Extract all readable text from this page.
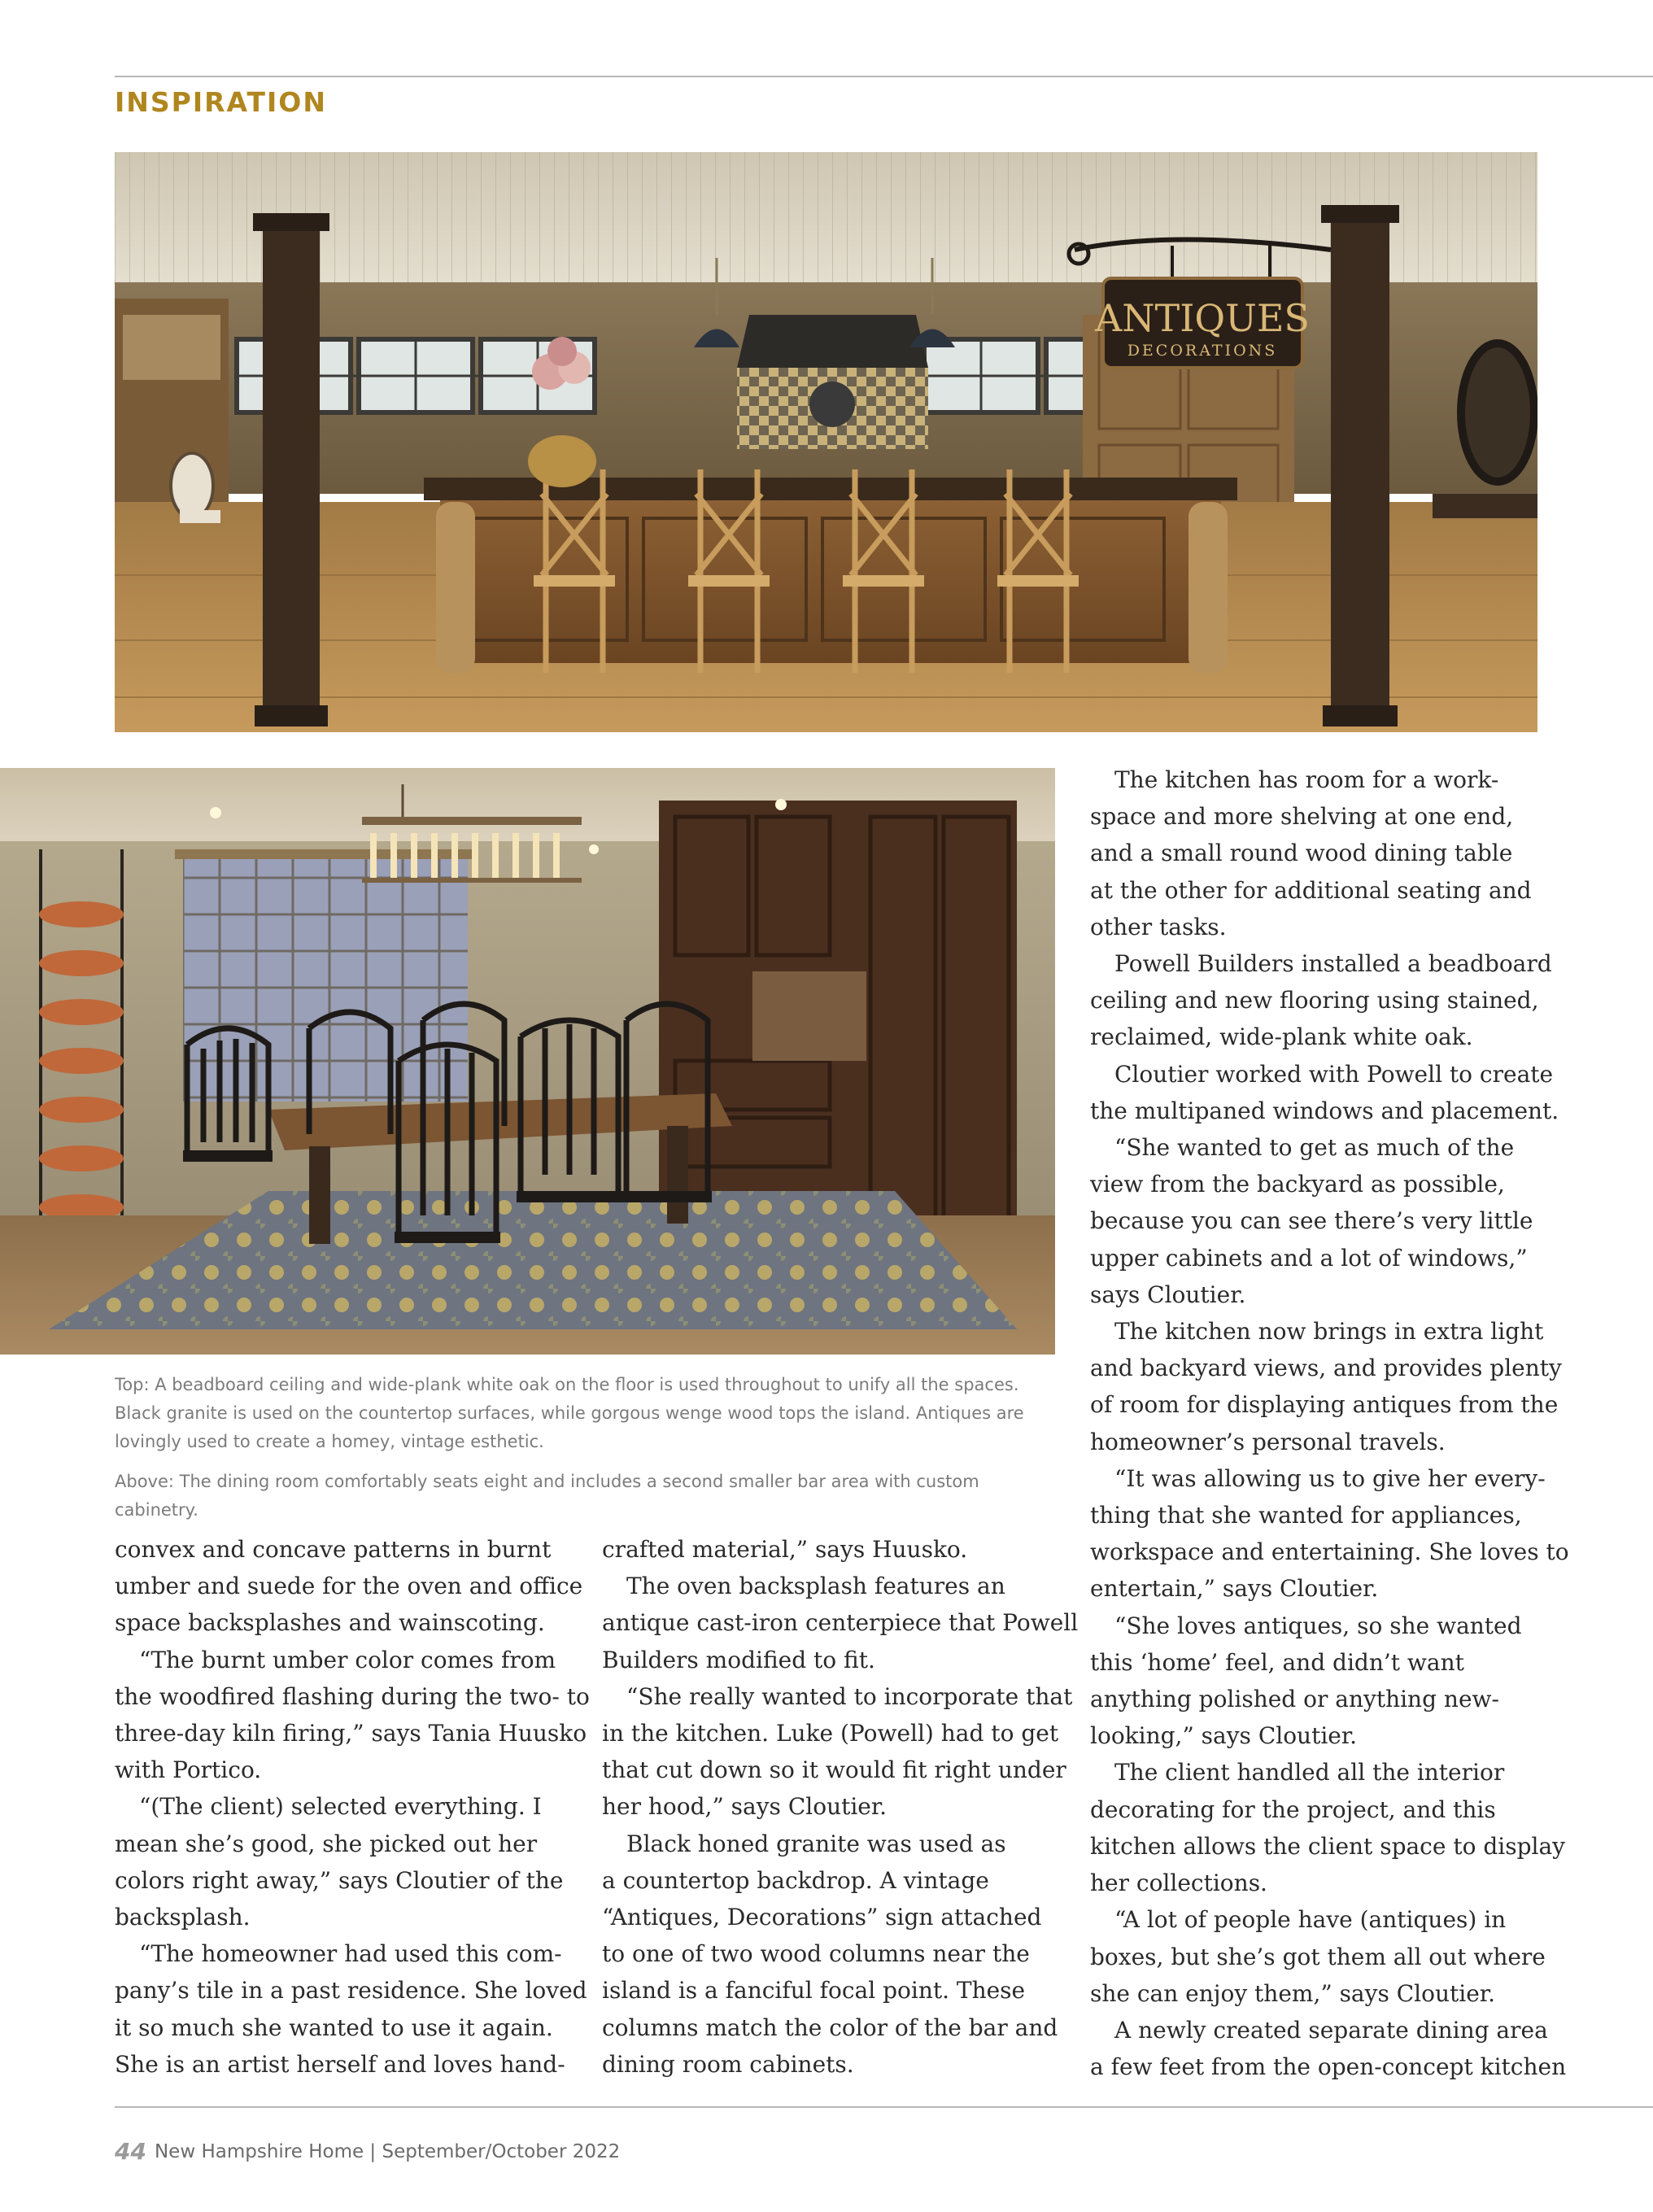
INSPIRATION
ANTIQUES
DECORATIONS
Top: A beadboard ceiling and wide-plank white oak on the floor is used throughout to unify all the spaces.
Black granite is used on the countertop surfaces, while gorgous wenge wood tops the island. Antiques are
lovingly used to create a homey, vintage esthetic.
Above: The dining room comfortably seats eight and includes a second smaller bar area with custom cabinetry.

convex and concave patterns in burnt

umber and suede for the oven and office

space backsplashes and wainscoting.

“The burnt umber color comes from

the woodfired flashing during the two- to

three-day kiln firing,” says Tania Huusko

with Portico.

“(The client) selected everything. I

mean she’s good, she picked out her

colors right away,” says Cloutier of the

backsplash.

“The homeowner had used this com-

pany’s tile in a past residence. She loved

it so much she wanted to use it again.

She is an artist herself and loves hand-

crafted material,” says Huusko.

The oven backsplash features an

antique cast-iron centerpiece that Powell

Builders modified to fit.

“She really wanted to incorporate that

in the kitchen. Luke (Powell) had to get

that cut down so it would fit right under

her hood,” says Cloutier.

Black honed granite was used as

a countertop backdrop. A vintage

“Antiques, Decorations” sign attached

to one of two wood columns near the

island is a fanciful focal point. These

columns match the color of the bar and

dining room cabinets.

The kitchen has room for a work-

space and more shelving at one end,

and a small round wood dining table

at the other for additional seating and

other tasks.

Powell Builders installed a beadboard

ceiling and new flooring using stained,

reclaimed, wide-plank white oak.

Cloutier worked with Powell to create

the multipaned windows and placement.

“She wanted to get as much of the

view from the backyard as possible,

because you can see there’s very little

upper cabinets and a lot of windows,”

says Cloutier.

The kitchen now brings in extra light

and backyard views, and provides plenty

of room for displaying antiques from the

homeowner’s personal travels.

“It was allowing us to give her every-

thing that she wanted for appliances,

workspace and entertaining. She loves to

entertain,” says Cloutier.

“She loves antiques, so she wanted

this ‘home’ feel, and didn’t want

anything polished or anything new-

looking,” says Cloutier.

The client handled all the interior

decorating for the project, and this

kitchen allows the client space to display

her collections.

“A lot of people have (antiques) in

boxes, but she’s got them all out where

she can enjoy them,” says Cloutier.

A newly created separate dining area

a few feet from the open-concept kitchen

44 New Hampshire Home | September/October 2022
